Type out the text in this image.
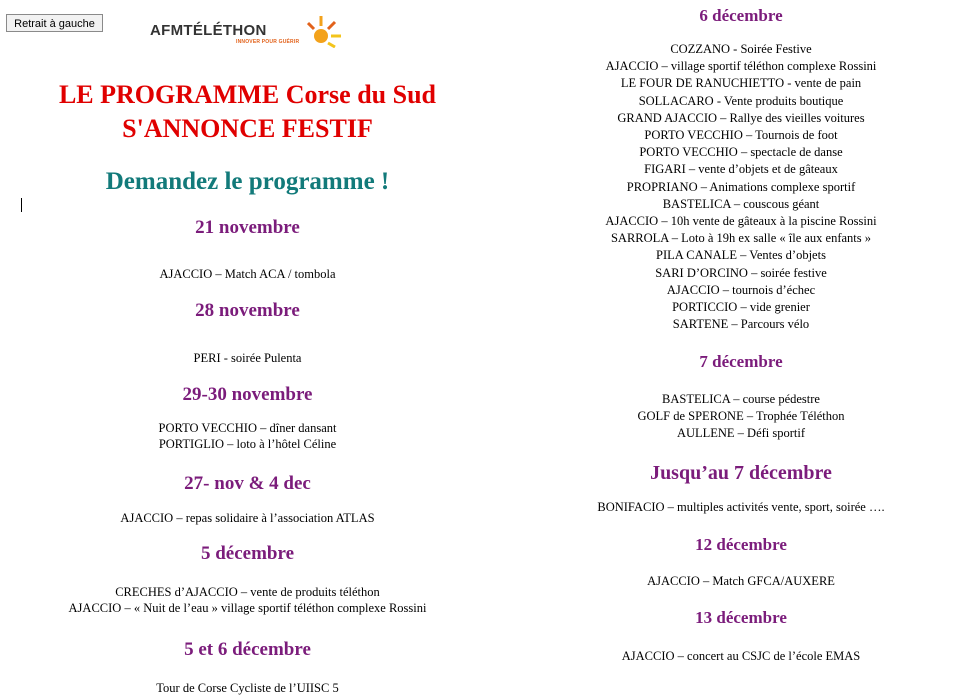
Retrait à gauche	AFMTÉLÉTHON
INNOVER POUR GUÉRIR
LE PROGRAMME Corse du Sud
S'ANNONCE FESTIF
Demandez le programme !
21 novembre
AJACCIO – Match ACA / tombola
28 novembre
PERI - soirée Pulenta
29-30 novembre
PORTO VECCHIO – dîner dansant
PORTIGLIO – loto à l’hôtel Céline
27- nov & 4 dec
AJACCIO – repas solidaire à l’association ATLAS
5 décembre
CRECHES d’AJACCIO – vente de produits téléthon
AJACCIO – « Nuit de l’eau » village sportif téléthon complexe Rossini
5 et 6 décembre
Tour de Corse Cycliste de l’UIISC 5
6 décembre
COZZANO - Soirée Festive
AJACCIO – village sportif téléthon complexe Rossini
LE FOUR DE RANUCHIETTO - vente de pain
SOLLACARO - Vente produits boutique
GRAND AJACCIO – Rallye des vieilles voitures
PORTO VECCHIO – Tournois de foot
PORTO VECCHIO – spectacle de danse
FIGARI – vente d’objets et de gâteaux
PROPRIANO – Animations complexe sportif
BASTELICA – couscous géant
AJACCIO – 10h vente de gâteaux à la piscine Rossini
SARROLA – Loto à 19h ex salle « île aux enfants »
PILA CANALE – Ventes d’objets
SARI D’ORCINO – soirée festive
AJACCIO – tournois d’échec
PORTICCIO – vide grenier
SARTENE – Parcours vélo
7 décembre
BASTELICA – course pédestre
GOLF de SPERONE – Trophée Téléthon
AULLENE – Défi sportif
Jusqu’au 7 décembre
BONIFACIO – multiples activités vente, sport, soirée ….
12 décembre
AJACCIO – Match GFCA/AUXERE
13 décembre
AJACCIO – concert au CSJC de l’école EMAS
